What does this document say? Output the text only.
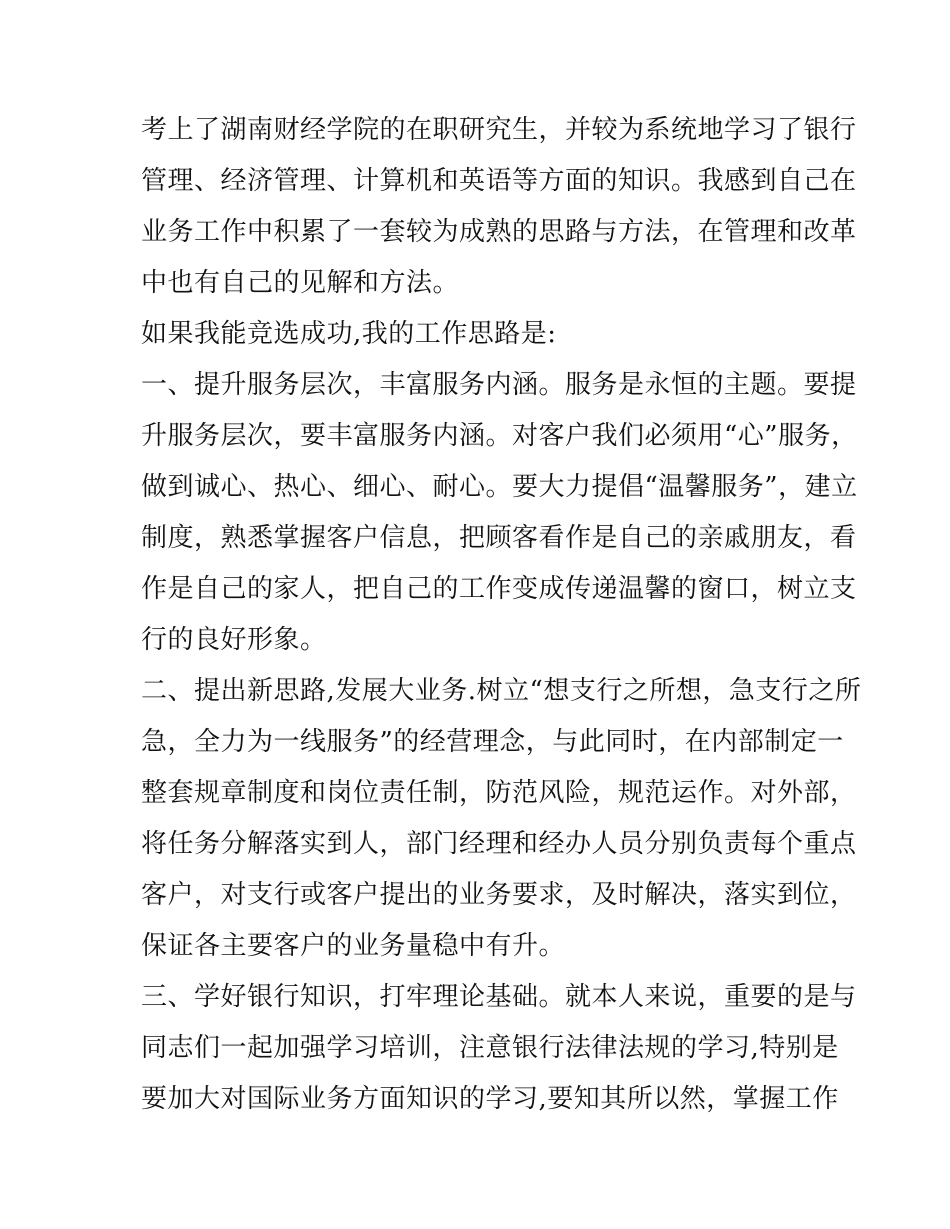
考上了湖南财经学院的在职研究生，并较为系统地学习了银行
管理、经济管理、计算机和英语等方面的知识。我感到自己在
业务工作中积累了一套较为成熟的思路与方法，在管理和改革
中也有自己的见解和方法。
如果我能竞选成功,我的工作思路是:
一、提升服务层次，丰富服务内涵。服务是永恒的主题。要提
升服务层次，要丰富服务内涵。对客户我们必须用“心”服务，
做到诚心、热心、细心、耐心。要大力提倡“温馨服务”，建立
制度，熟悉掌握客户信息，把顾客看作是自己的亲戚朋友，看
作是自己的家人，把自己的工作变成传递温馨的窗口，树立支
行的良好形象。
二、提出新思路,发展大业务.树立“想支行之所想，急支行之所
急，全力为一线服务”的经营理念，与此同时，在内部制定一
整套规章制度和岗位责任制，防范风险，规范运作。对外部，
将任务分解落实到人，部门经理和经办人员分别负责每个重点
客户，对支行或客户提出的业务要求，及时解决，落实到位，
保证各主要客户的业务量稳中有升。
三、学好银行知识，打牢理论基础。就本人来说，重要的是与
同志们一起加强学习培训，注意银行法律法规的学习,特别是
要加大对国际业务方面知识的学习,要知其所以然，掌握工作
